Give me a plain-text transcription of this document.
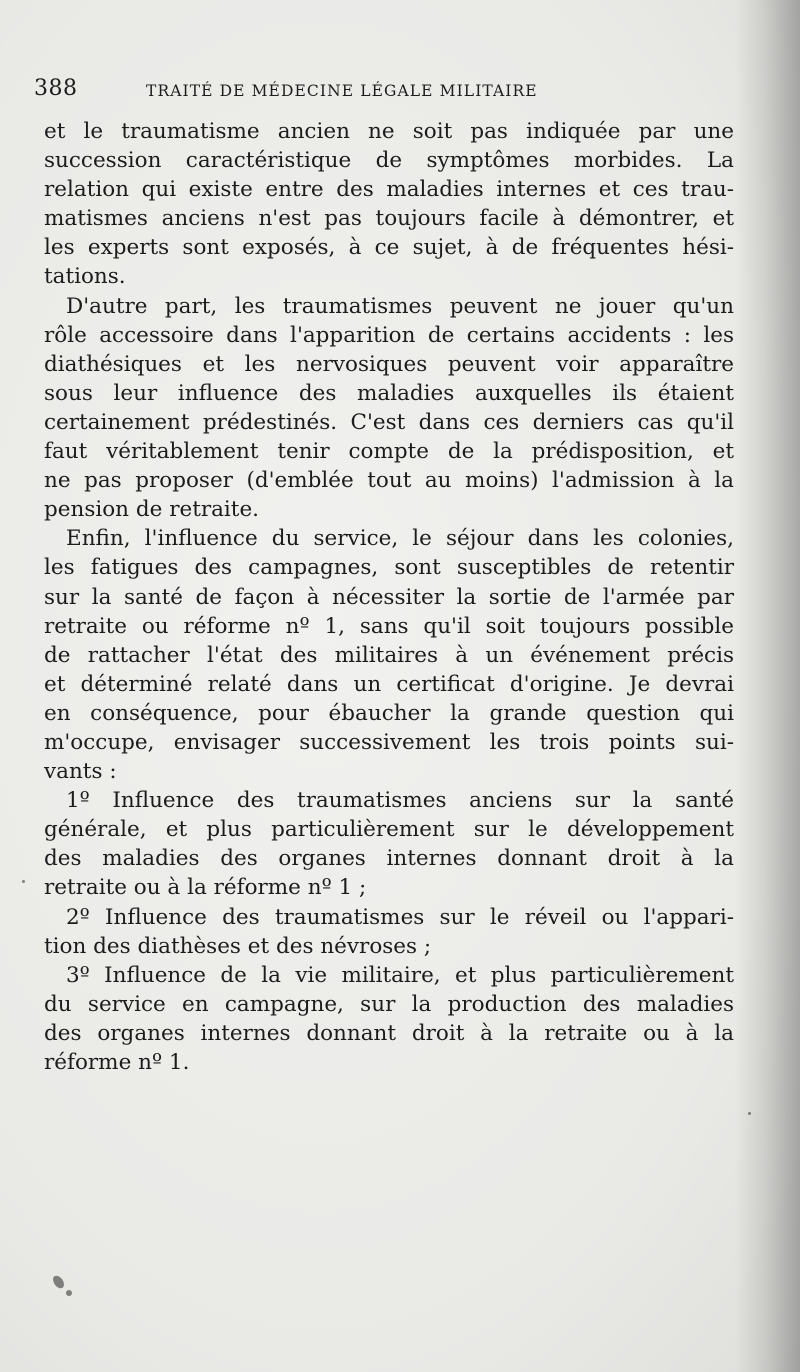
388	TRAITÉ DE MÉDECINE LÉGALE MILITAIRE
et le traumatisme ancien ne soit pas indiquée par une
succession caractéristique de symptômes morbides. La
relation qui existe entre des maladies internes et ces trau-
matismes anciens n'est pas toujours facile à démontrer, et
les experts sont exposés, à ce sujet, à de fréquentes hési-
tations.
D'autre part, les traumatismes peuvent ne jouer qu'un
rôle accessoire dans l'apparition de certains accidents : les
diathésiques et les nervosiques peuvent voir apparaître
sous leur influence des maladies auxquelles ils étaient
certainement prédestinés. C'est dans ces derniers cas qu'il
faut véritablement tenir compte de la prédisposition, et
ne pas proposer (d'emblée tout au moins) l'admission à la
pension de retraite.
Enfin, l'influence du service, le séjour dans les colonies,
les fatigues des campagnes, sont susceptibles de retentir
sur la santé de façon à nécessiter la sortie de l'armée par
retraite ou réforme nº 1, sans qu'il soit toujours possible
de rattacher l'état des militaires à un événement précis
et déterminé relaté dans un certificat d'origine. Je devrai
en conséquence, pour ébaucher la grande question qui
m'occupe, envisager successivement les trois points sui-
vants :
1º Influence des traumatismes anciens sur la santé
générale, et plus particulièrement sur le développement
des maladies des organes internes donnant droit à la
retraite ou à la réforme nº 1 ;
2º Influence des traumatismes sur le réveil ou l'appari-
tion des diathèses et des névroses ;
3º Influence de la vie militaire, et plus particulièrement
du service en campagne, sur la production des maladies
des organes internes donnant droit à la retraite ou à la
réforme nº 1.
